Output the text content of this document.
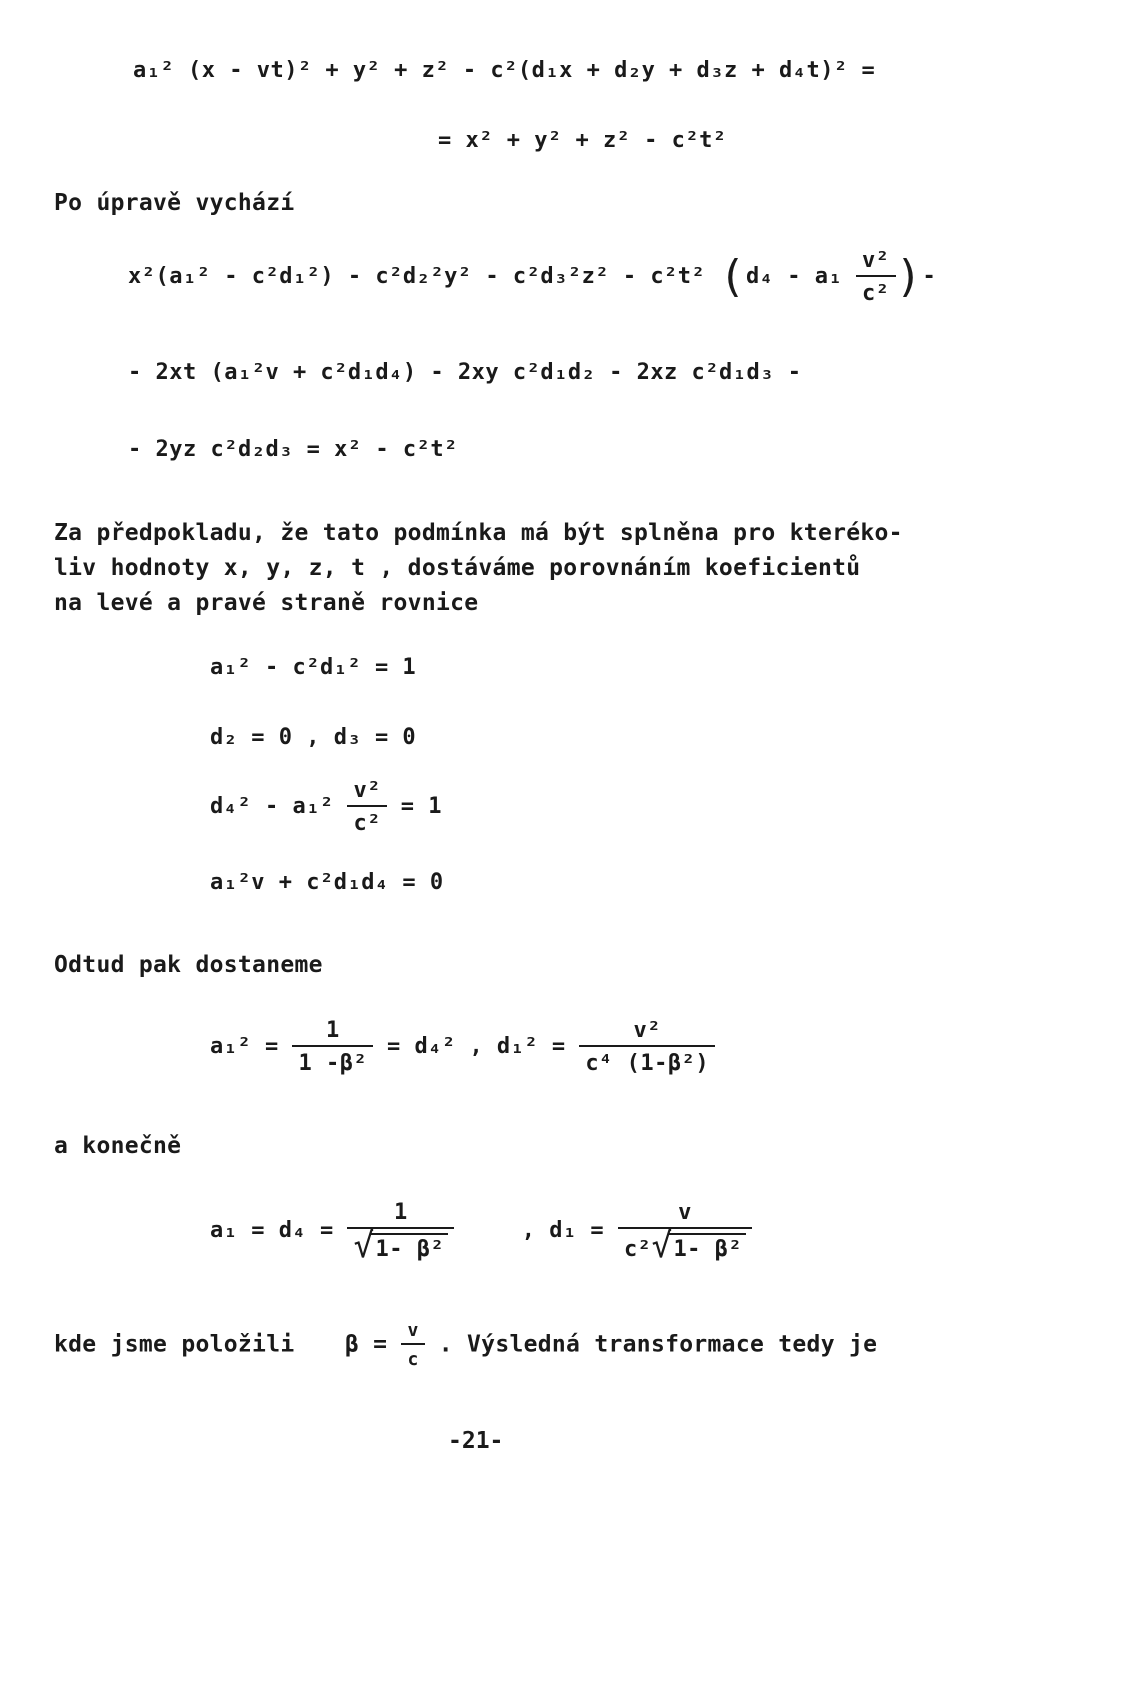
a₁² (x - vt)² + y² + z² - c²(d₁x + d₂y + d₃z + d₄t)² =
= x² + y² + z² - c²t²
Po úpravě vychází
x²(a₁² - c²d₁²) - c²d₂²y² - c²d₃²z² - c²t² ($d_4 - a_1 \frac{\text{v²}}{\text{c²}}$ )-
- 2xt (a₁²v + c²d₁d₄) - 2xy c²d₁d₂ - 2xz c²d₁d₃ -
- 2yz c²d₂d₃ = x² - c²t²
Za předpokladu, že tato podmínka má být splněna pro kteréko-
liv hodnoty x, y, z, t , dostáváme porovnáním koeficientů
na levé a pravé straně rovnice
a₁² - c²d₁² = 1
d₂ = 0 , d₃ = 0
$d_4^2 - a_1^2 \frac{\text{v²}}{\text{c²}} = 1$
a₁²v + c²d₁d₄ = 0
Odtud pak dostaneme
$a_1^2 = \frac{1}{\text{1 -β²}} = d_4^2$ , $d_1^2 = \frac{\text{v²}}{\text{c⁴ (1-β²)}}$
a konečně
$a_1 = d_4 = \frac{1}{\text{√ 1- β²}}$	, $d_1 = \frac{v}{\text{c² √ 1- β²}}$
kde jsme položili $\beta = \frac{v}{c}$ . Výsledná transformace tedy je
-21-
